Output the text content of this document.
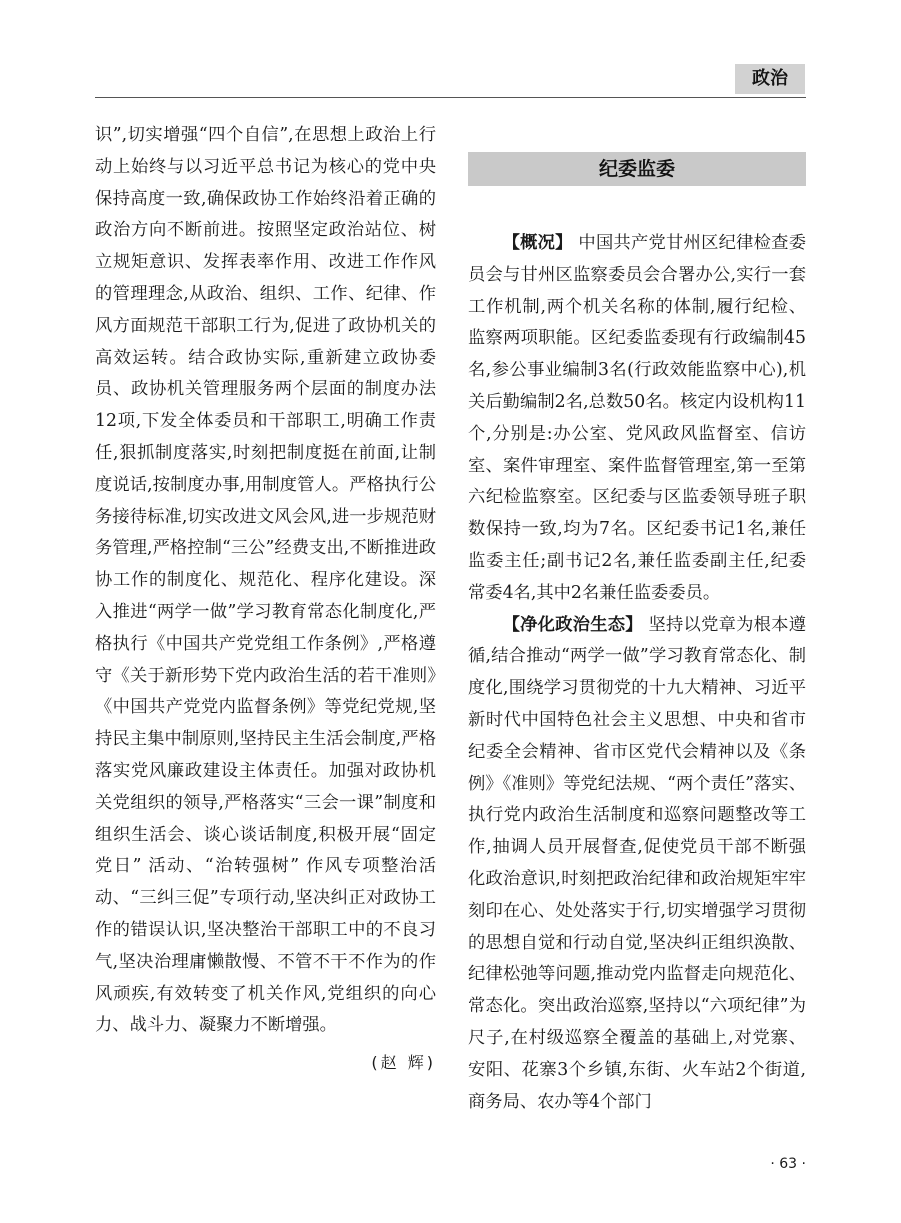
政治

识”,切实增强“四个自信”,在思想上政治上行动上始终与以习近平总书记为核心的党中央保持高度一致,确保政协工作始终沿着正确的政治方向不断前进。按照坚定政治站位、树立规矩意识、发挥表率作用、改进工作作风的管理理念,从政治、组织、工作、纪律、作风方面规范干部职工行为,促进了政协机关的高效运转。结合政协实际,重新建立政协委员、政协机关管理服务两个层面的制度办法12项,下发全体委员和干部职工,明确工作责任,狠抓制度落实,时刻把制度挺在前面,让制度说话,按制度办事,用制度管人。严格执行公务接待标准,切实改进文风会风,进一步规范财务管理,严格控制“三公”经费支出,不断推进政协工作的制度化、规范化、程序化建设。深入推进“两学一做”学习教育常态化制度化,严格执行《中国共产党党组工作条例》,严格遵守《关于新形势下党内政治生活的若干准则》《中国共产党党内监督条例》等党纪党规,坚持民主集中制原则,坚持民主生活会制度,严格落实党风廉政建设主体责任。加强对政协机关党组织的领导,严格落实“三会一课”制度和组织生活会、谈心谈话制度,积极开展“固定党日” 活动、“治转强树” 作风专项整治活动、“三纠三促”专项行动,坚决纠正对政协工作的错误认识,坚决整治干部职工中的不良习气,坚决治理庸懒散慢、不管不干不作为的作风顽疾,有效转变了机关作风,党组织的向心力、战斗力、凝聚力不断增强。

(赵 辉)
纪委监委

【概况】 中国共产党甘州区纪律检查委员会与甘州区监察委员会合署办公,实行一套工作机制,两个机关名称的体制,履行纪检、监察两项职能。区纪委监委现有行政编制45名,参公事业编制3名(行政效能监察中心),机关后勤编制2名,总数50名。核定内设机构11个,分别是:办公室、党风政风监督室、信访室、案件审理室、案件监督管理室,第一至第六纪检监察室。区纪委与区监委领导班子职数保持一致,均为7名。区纪委书记1名,兼任监委主任;副书记2名,兼任监委副主任,纪委常委4名,其中2名兼任监委委员。

【净化政治生态】 坚持以党章为根本遵循,结合推动“两学一做”学习教育常态化、制度化,围绕学习贯彻党的十九大精神、习近平新时代中国特色社会主义思想、中央和省市纪委全会精神、省市区党代会精神以及《条例》《准则》等党纪法规、“两个责任”落实、执行党内政治生活制度和巡察问题整改等工作,抽调人员开展督查,促使党员干部不断强化政治意识,时刻把政治纪律和政治规矩牢牢刻印在心、处处落实于行,切实增强学习贯彻的思想自觉和行动自觉,坚决纠正组织涣散、纪律松弛等问题,推动党内监督走向规范化、常态化。突出政治巡察,坚持以“六项纪律”为尺子,在村级巡察全覆盖的基础上,对党寨、安阳、花寨3个乡镇,东街、火车站2个街道,商务局、农办等4个部门

· 63 ·
